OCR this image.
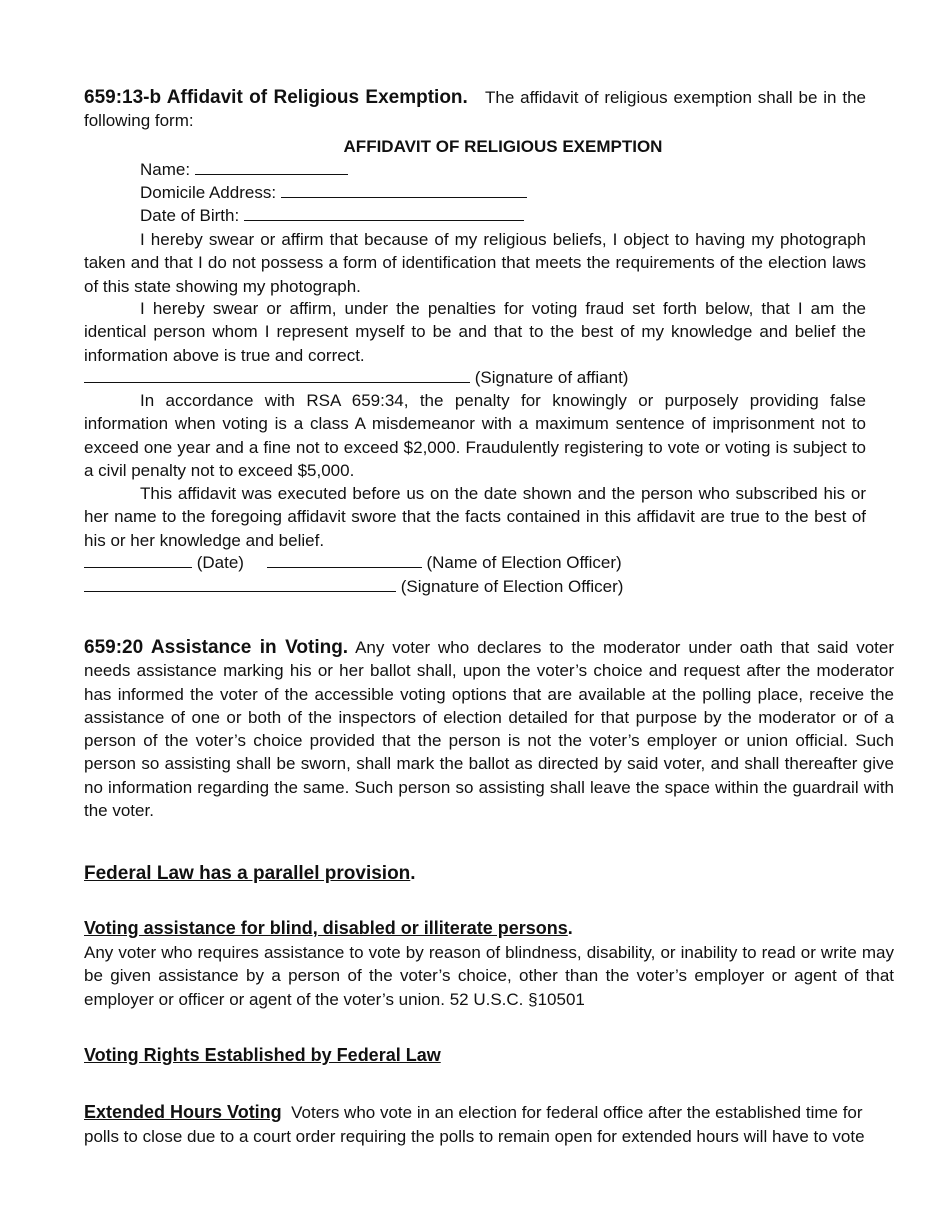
659:13-b Affidavit of Religious Exemption. The affidavit of religious exemption shall be in the following form:

AFFIDAVIT OF RELIGIOUS EXEMPTION

Name:

Domicile Address:

Date of Birth:

I hereby swear or affirm that because of my religious beliefs, I object to having my photograph taken and that I do not possess a form of identification that meets the requirements of the election laws of this state showing my photograph.

I hereby swear or affirm, under the penalties for voting fraud set forth below, that I am the identical person whom I represent myself to be and that to the best of my knowledge and belief the information above is true and correct.

(Signature of affiant)

In accordance with RSA 659:34, the penalty for knowingly or purposely providing false information when voting is a class A misdemeanor with a maximum sentence of imprisonment not to exceed one year and a fine not to exceed $2,000. Fraudulently registering to vote or voting is subject to a civil penalty not to exceed $5,000.

This affidavit was executed before us on the date shown and the person who subscribed his or her name to the foregoing affidavit swore that the facts contained in this affidavit are true to the best of his or her knowledge and belief.

(Date)	(Name of Election Officer)

(Signature of Election Officer)

659:20 Assistance in Voting. Any voter who declares to the moderator under oath that said voter needs assistance marking his or her ballot shall, upon the voter’s choice and request after the moderator has informed the voter of the accessible voting options that are available at the polling place, receive the assistance of one or both of the inspectors of election detailed for that purpose by the moderator or of a person of the voter’s choice provided that the person is not the voter’s employer or union official. Such person so assisting shall be sworn, shall mark the ballot as directed by said voter, and shall thereafter give no information regarding the same. Such person so assisting shall leave the space within the guardrail with the voter.

Federal Law has a parallel provision.

Voting assistance for blind, disabled or illiterate persons.

Any voter who requires assistance to vote by reason of blindness, disability, or inability to read or write may be given assistance by a person of the voter’s choice, other than the voter’s employer or agent of that employer or officer or agent of the voter’s union. 52 U.S.C. §10501

Voting Rights Established by Federal Law

Extended Hours Voting Voters who vote in an election for federal office after the established time for

polls to close due to a court order requiring the polls to remain open for extended hours will have to vote
